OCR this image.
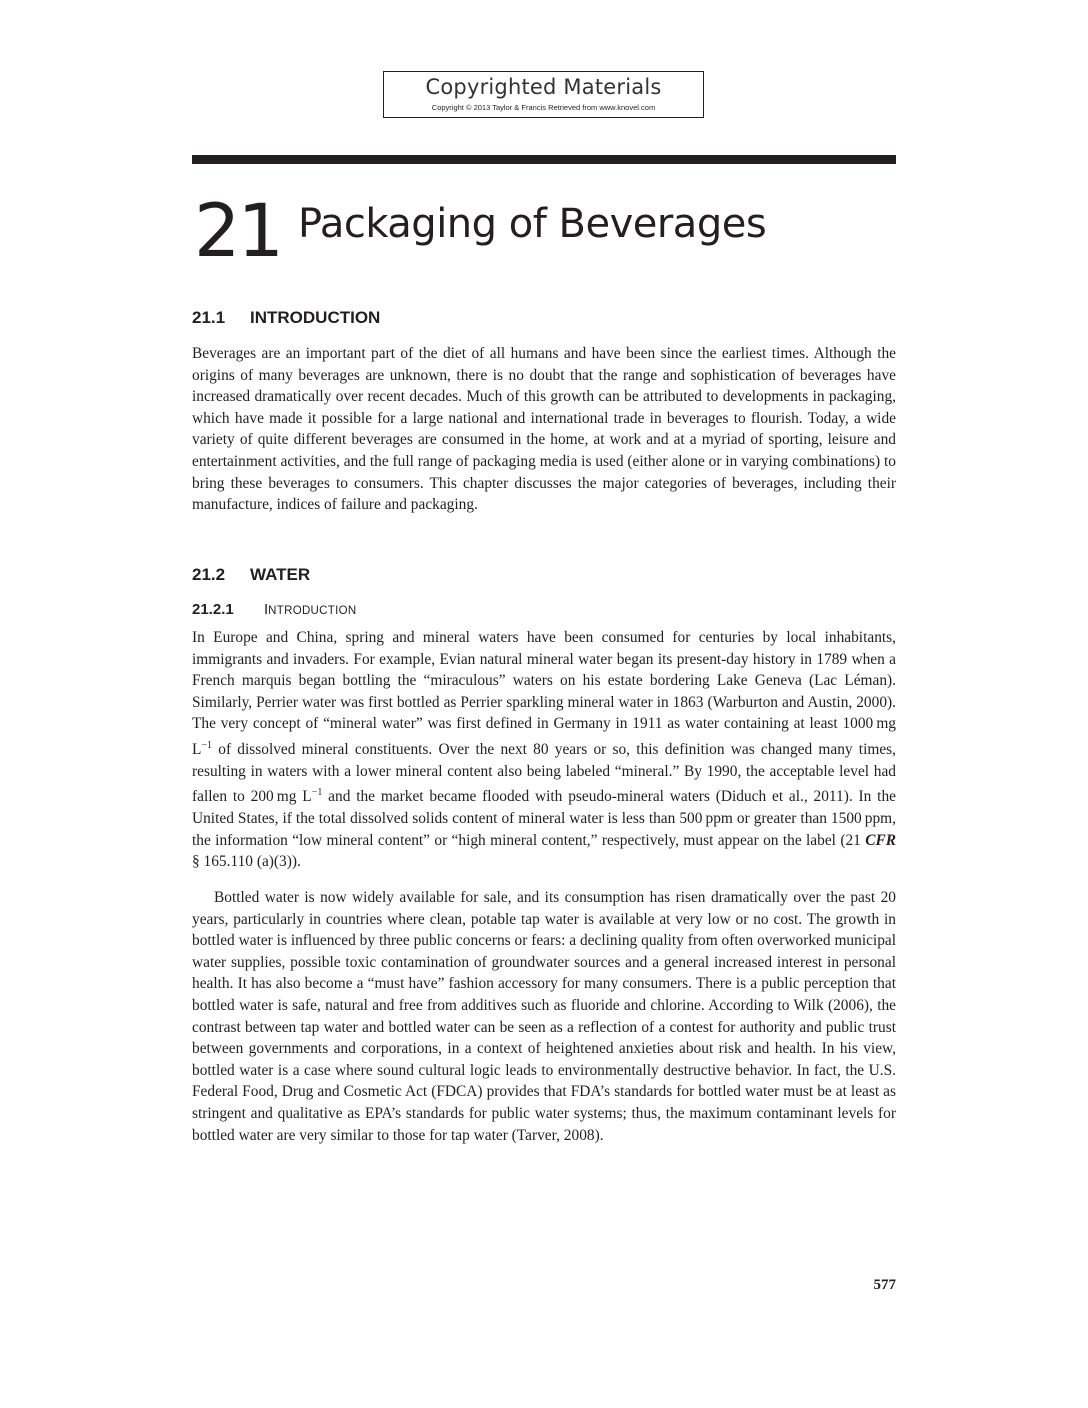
Copyrighted Materials
Copyright © 2013 Taylor & Francis Retrieved from www.knovel.com
21 Packaging of Beverages
21.1 INTRODUCTION

Beverages are an important part of the diet of all humans and have been since the earliest times. Although the origins of many beverages are unknown, there is no doubt that the range and sophistication of beverages have increased dramatically over recent decades. Much of this growth can be attributed to developments in packaging, which have made it possible for a large national and international trade in beverages to flourish. Today, a wide variety of quite different beverages are consumed in the home, at work and at a myriad of sporting, leisure and entertainment activities, and the full range of packaging media is used (either alone or in varying combinations) to bring these beverages to consumers. This chapter discusses the major categories of beverages, including their manufacture, indices of failure and packaging.

21.2 WATER
21.2.1 INTRODUCTION

In Europe and China, spring and mineral waters have been consumed for centuries by local inhabitants, immigrants and invaders. For example, Evian natural mineral water began its present-day history in 1789 when a French marquis began bottling the “miraculous” waters on his estate bordering Lake Geneva (Lac Léman). Similarly, Perrier water was first bottled as Perrier sparkling mineral water in 1863 (Warburton and Austin, 2000). The very concept of “mineral water” was first defined in Germany in 1911 as water containing at least 1000 mg $L^{-1}$ of dissolved mineral constituents. Over the next 80 years or so, this definition was changed many times, resulting in waters with a lower mineral content also being labeled “mineral.” By 1990, the acceptable level had fallen to 200 mg $L^{-1}$ and the market became flooded with pseudo-mineral waters (Diduch et al., 2011). In the United States, if the total dissolved solids content of mineral water is less than 500 ppm or greater than 1500 ppm, the information “low mineral content” or “high mineral content,” respectively, must appear on the label (21 CFR § 165.110 (a)(3)).

Bottled water is now widely available for sale, and its consumption has risen dramatically over the past 20 years, particularly in countries where clean, potable tap water is available at very low or no cost. The growth in bottled water is influenced by three public concerns or fears: a declining quality from often overworked municipal water supplies, possible toxic contamination of groundwater sources and a general increased interest in personal health. It has also become a “must have” fashion accessory for many consumers. There is a public perception that bottled water is safe, natural and free from additives such as fluoride and chlorine. According to Wilk (2006), the contrast between tap water and bottled water can be seen as a reflection of a contest for authority and public trust between governments and corporations, in a context of heightened anxieties about risk and health. In his view, bottled water is a case where sound cultural logic leads to environmentally destructive behavior. In fact, the U.S. Federal Food, Drug and Cosmetic Act (FDCA) provides that FDA’s standards for bottled water must be at least as stringent and qualitative as EPA’s standards for public water systems; thus, the maximum contaminant levels for bottled water are very similar to those for tap water (Tarver, 2008).

577
